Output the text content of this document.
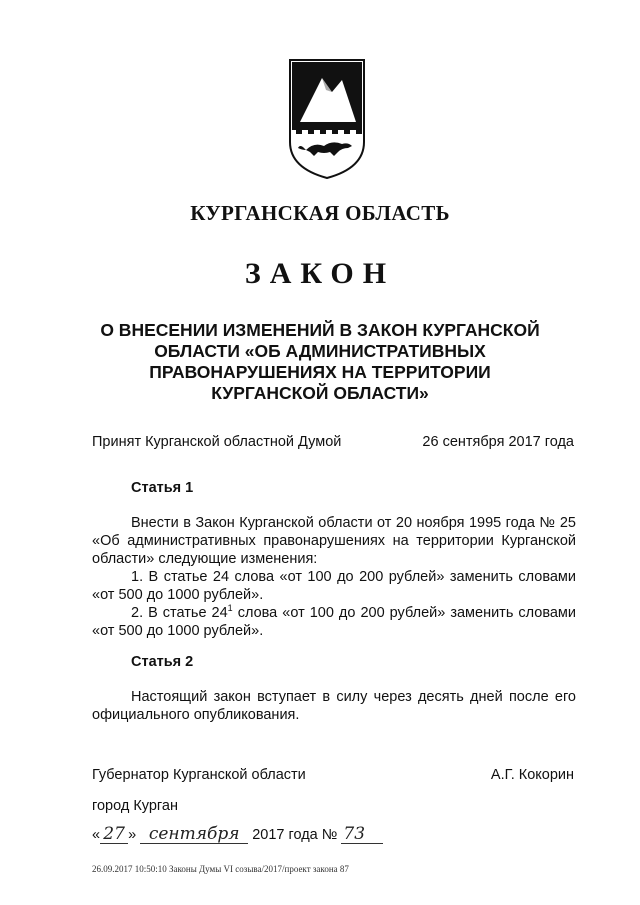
КУРГАНСКАЯ ОБЛАСТЬ
ЗАКОН
О ВНЕСЕНИИ ИЗМЕНЕНИЙ В ЗАКОН КУРГАНСКОЙ ОБЛАСТИ «ОБ АДМИНИСТРАТИВНЫХ ПРАВОНАРУШЕНИЯХ НА ТЕРРИТОРИИ КУРГАНСКОЙ ОБЛАСТИ»
Принят Курганской областной Думой	26 сентября 2017 года
Статья 1

Внести в Закон Курганской области от 20 ноября 1995 года № 25 «Об административных правонарушениях на территории Курганской области» следующие изменения:

1. В статье 24 слова «от 100 до 200 рублей» заменить словами «от 500 до 1000 рублей».

2. В статье $24^1$ слова «от 100 до 200 рублей» заменить словами «от 500 до 1000 рублей».

Статья 2

Настоящий закон вступает в силу через десять дней после его официального опубликования.

Губернатор Курганской области	А.Г. Кокорин
город Курган
« 27 » сентября 2017 года № 73
26.09.2017 10:50:10 Законы Думы VI созыва/2017/проект закона 87
